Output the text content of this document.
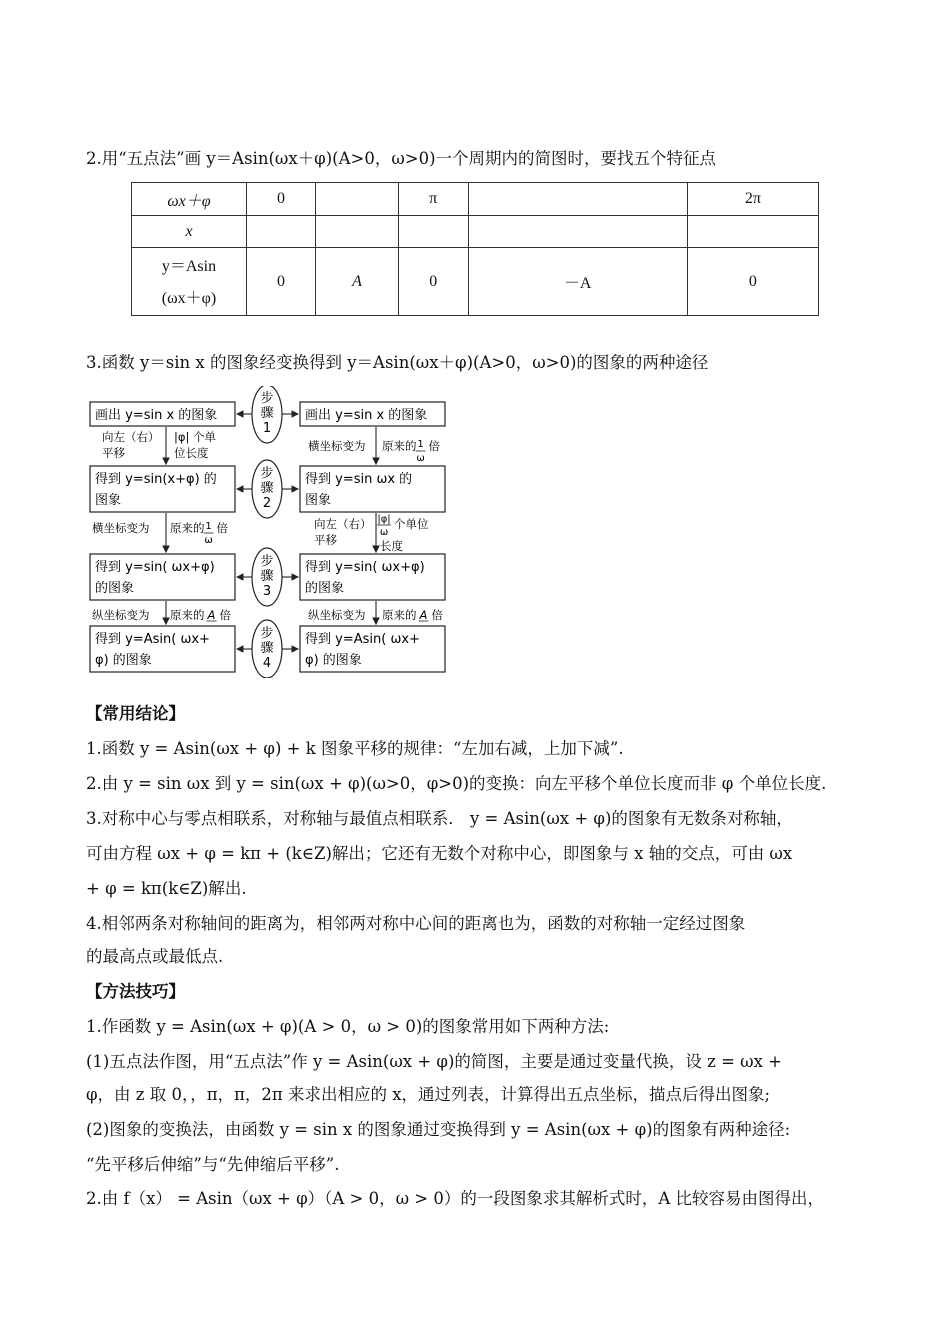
2.用“五点法”画 y＝Asin(ωx＋φ)(A>0，ω>0)一个周期内的简图时，要找五个特征点
ωx＋φ	0		π		2π
x					

y＝Asin
(ωx＋φ)	0	A	0	－A	0
3.函数 y＝sin x 的图象经变换得到 y＝Asin(ωx＋φ)(A>0，ω>0)的图象的两种途径
画出 y=sin x 的图象
得到 y=sin(x+φ) 的
图象
得到 y=sin( ωx+φ)
的图象
得到 y=Asin( ωx+
φ) 的图象
画出 y=sin x 的图象
得到 y=sin ωx 的
图象
得到 y=sin( ωx+φ)
的图象
得到 y=Asin( ωx+
φ) 的图象
步
骤
1
步
骤
2
步
骤
3
步
骤
4
向左（右）
平移
|φ| 个单
位长度
横坐标变为 原来的 1
ω
倍
纵坐标变为 原来的 A 倍
横坐标变为 原来的 1
ω
倍
向左（右）
平移
|φ|
ω
个单位
长度
纵坐标变为 原来的 A 倍
【常用结论】
1.函数 y = Asin(ωx + φ) + k 图象平移的规律：“左加右减，上加下减”.
2.由 y = sin ωx 到 y = sin(ωx + φ)(ω>0，φ>0)的变换：向左平移个单位长度而非 φ 个单位长度.
3.对称中心与零点相联系，对称轴与最值点相联系． y = Asin(ωx + φ)的图象有无数条对称轴，
可由方程 ωx + φ = kπ + (k∈Z)解出；它还有无数个对称中心，即图象与 x 轴的交点，可由 ωx
+ φ = kπ(k∈Z)解出.
4.相邻两条对称轴间的距离为，相邻两对称中心间的距离也为，函数的对称轴一定经过图象
的最高点或最低点.
【方法技巧】
1.作函数 y = Asin(ωx + φ)(A > 0，ω > 0)的图象常用如下两种方法:
(1)五点法作图，用“五点法”作 y = Asin(ωx + φ)的简图，主要是通过变量代换，设 z = ωx +
φ，由 z 取 0，，π，π，2π 来求出相应的 x，通过列表，计算得出五点坐标，描点后得出图象;
(2)图象的变换法，由函数 y = sin x 的图象通过变换得到 y = Asin(ωx + φ)的图象有两种途径:
“先平移后伸缩”与“先伸缩后平移”.
2.由 f（x） = Asin（ωx + φ）（A > 0，ω > 0）的一段图象求其解析式时，A 比较容易由图得出，
